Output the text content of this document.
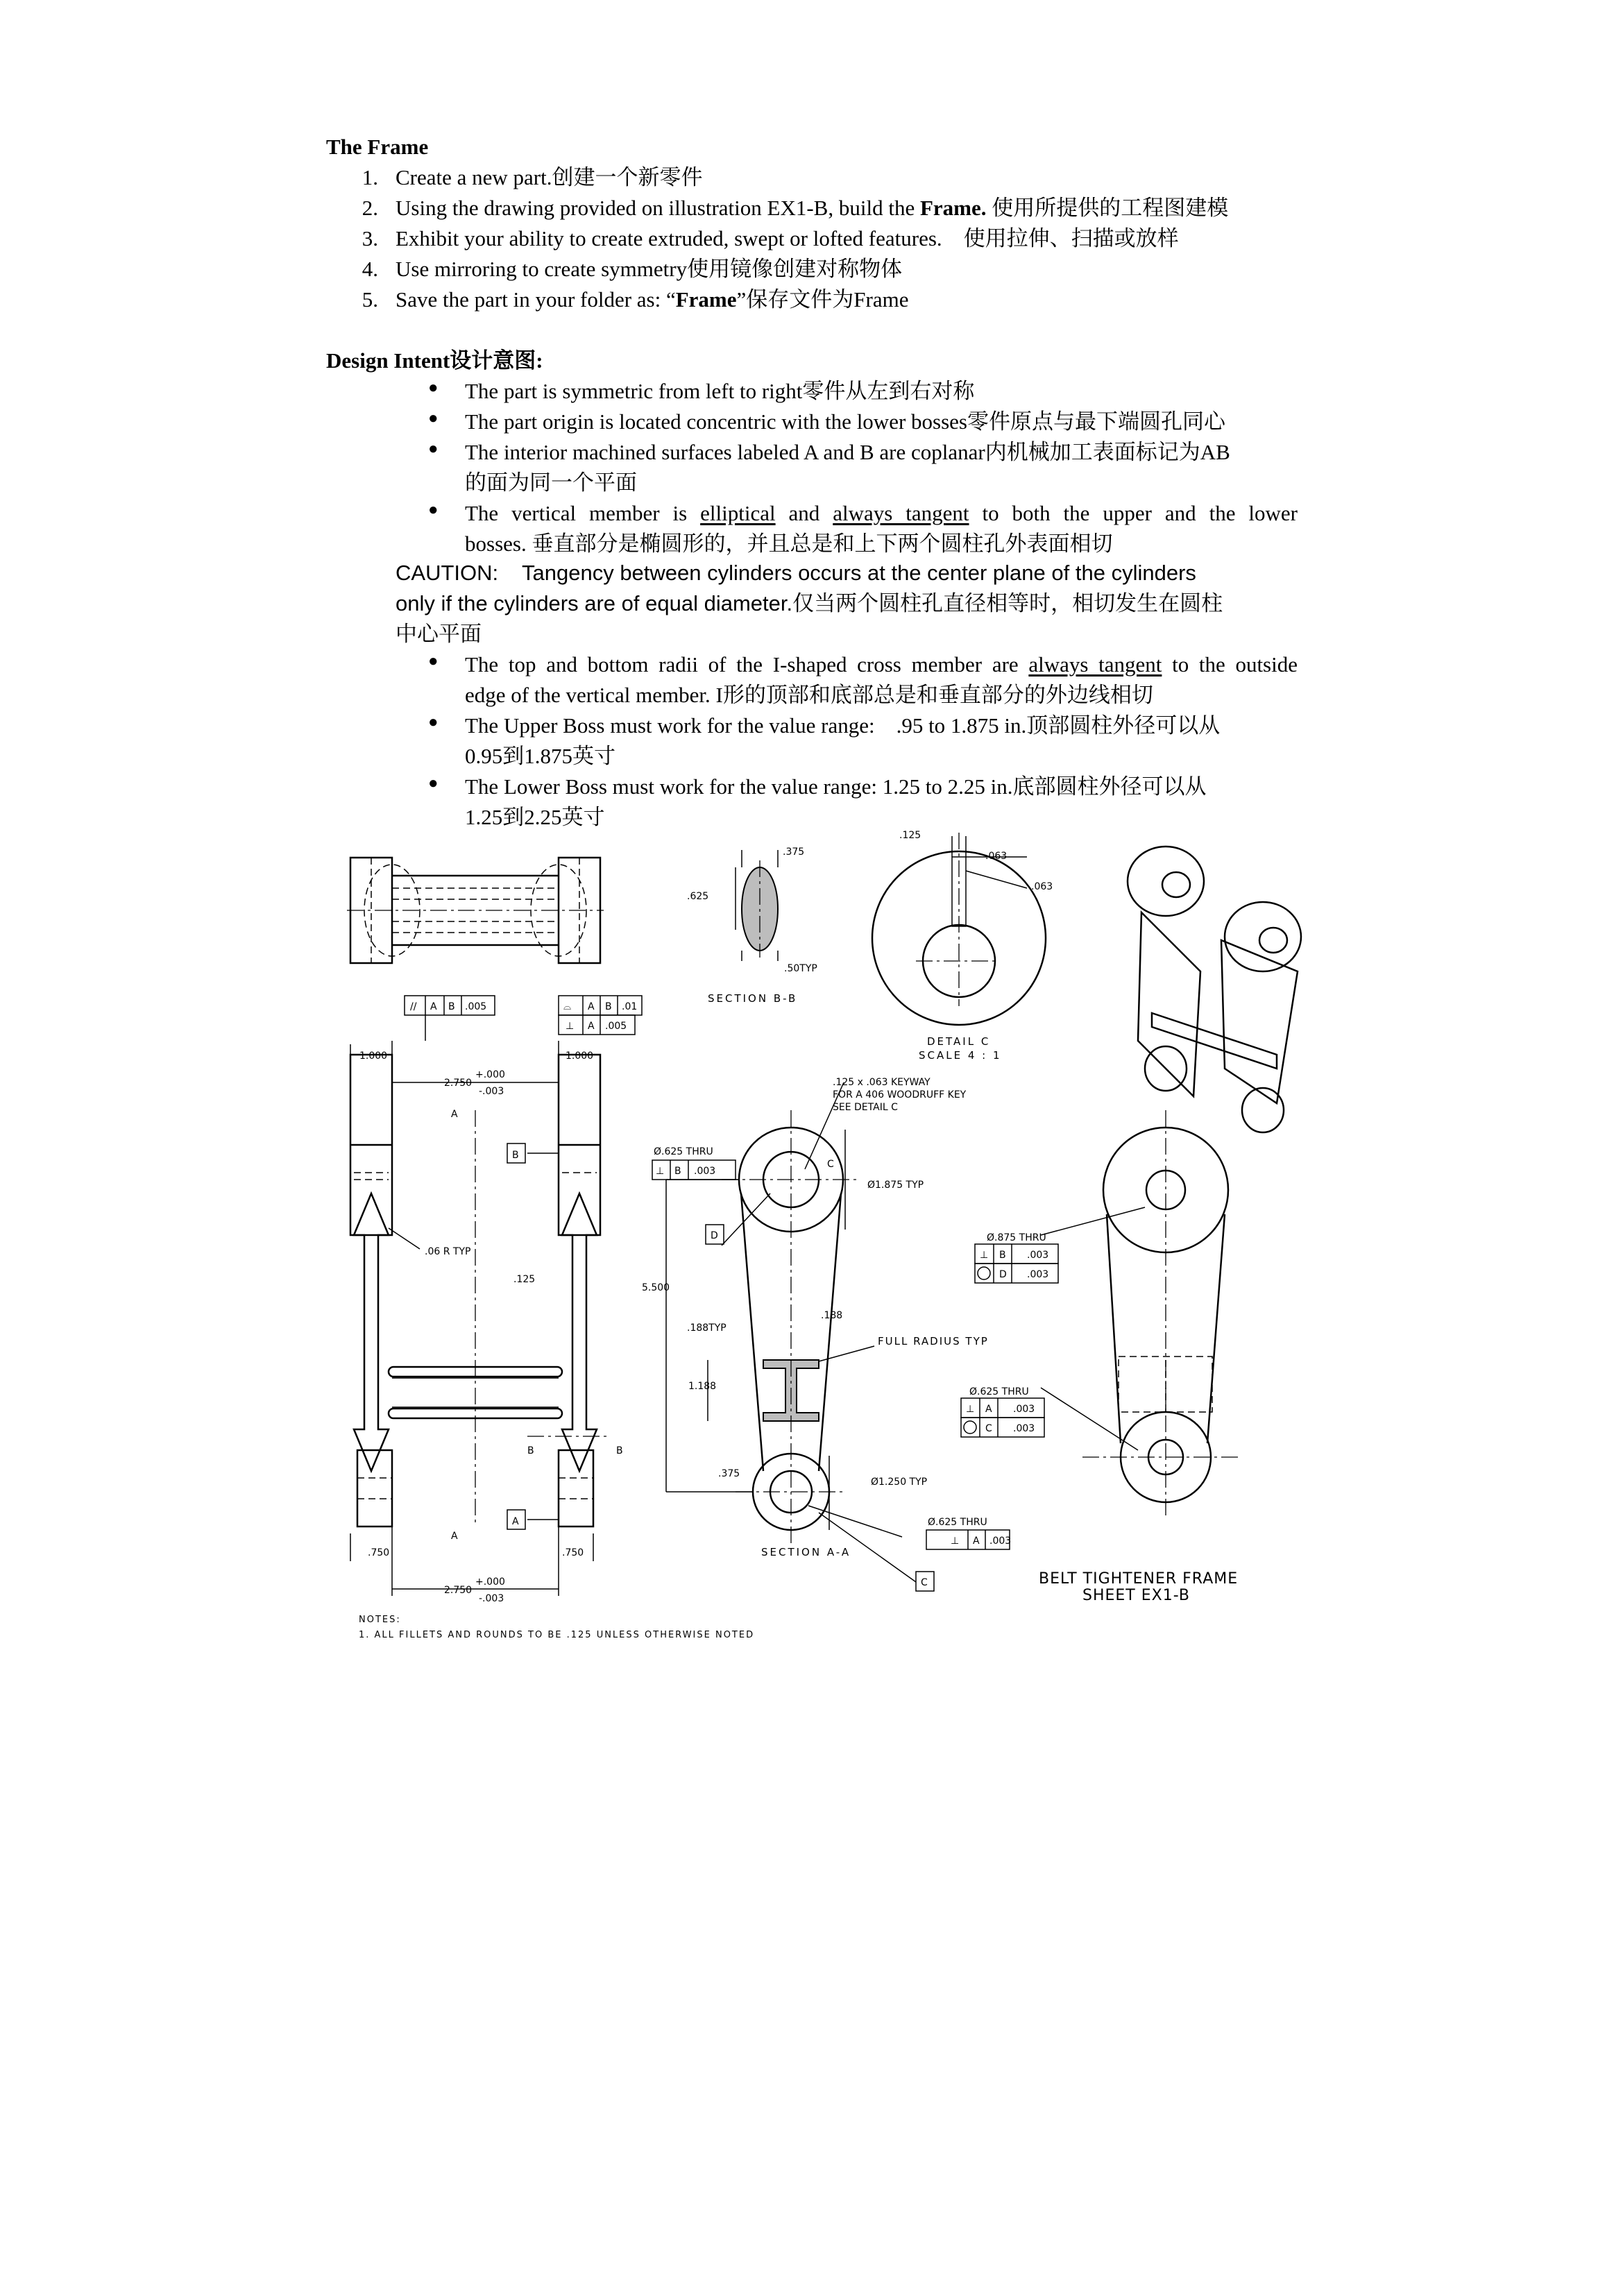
The Frame
1. Create a new part.创建一个新零件
2. Using the drawing provided on illustration EX1-B, build the Frame. 使用所提供的工程图建模
3. Exhibit your ability to create extruded, swept or lofted features.    使用拉伸、扫描或放样
4. Use mirroring to create symmetry使用镜像创建对称物体
5. Save the part in your folder as: “Frame”保存文件为Frame
Design Intent设计意图:
● The part is symmetric from left to right零件从左到右对称
● The part origin is located concentric with the lower bosses零件原点与最下端圆孔同心
● The interior machined surfaces labeled A and B are coplanar内机械加工表面标记为AB
的面为同一个平面
● The vertical member is elliptical and always tangent to both the upper and the lower
bosses. 垂直部分是椭圆形的，并且总是和上下两个圆柱孔外表面相切
CAUTION:    Tangency between cylinders occurs at the center plane of the cylinders
only if the cylinders are of equal diameter.仅当两个圆柱孔直径相等时，相切发生在圆柱
中心平面
● The top and bottom radii of the I-shaped cross member are always tangent to the outside
edge of the vertical member. I形的顶部和底部总是和垂直部分的外边线相切
● The Upper Boss must work for the value range:    .95 to 1.875 in.顶部圆柱外径可以从
0.95到1.875英寸
● The Lower Boss must work for the value range: 1.25 to 2.25 in.底部圆柱外径可以从
1.25到2.25英寸
.375
.625
.50TYP
SECTION B-B
.125
.063
.063
DETAIL C
SCALE 4 : 1
1.000	1.000
2.750
+.000
-.003
.06 R TYP
.125
.750	.750
2.750
+.000
-.003
A
A
B	B
B
A
// A B .005	⌓ A B .01
⊥ A .005
.125 x .063 KEYWAY
FOR A 406 WOODRUFF KEY
SEE DETAIL C
C
Ø.625 THRU
⊥ B .003
D
Ø1.875 TYP
5.500
.188TYP
.188
FULL RADIUS TYP
1.188
.375
Ø1.250 TYP
Ø.625 THRU
⊥ A .003
SECTION A-A
C
Ø.875 THRU
⊥ B .003
D .003
Ø.625 THRU
⊥ A .003
C .003
BELT TIGHTENER FRAME
SHEET EX1-B
NOTES:
1. ALL FILLETS AND ROUNDS TO BE .125 UNLESS OTHERWISE NOTED
